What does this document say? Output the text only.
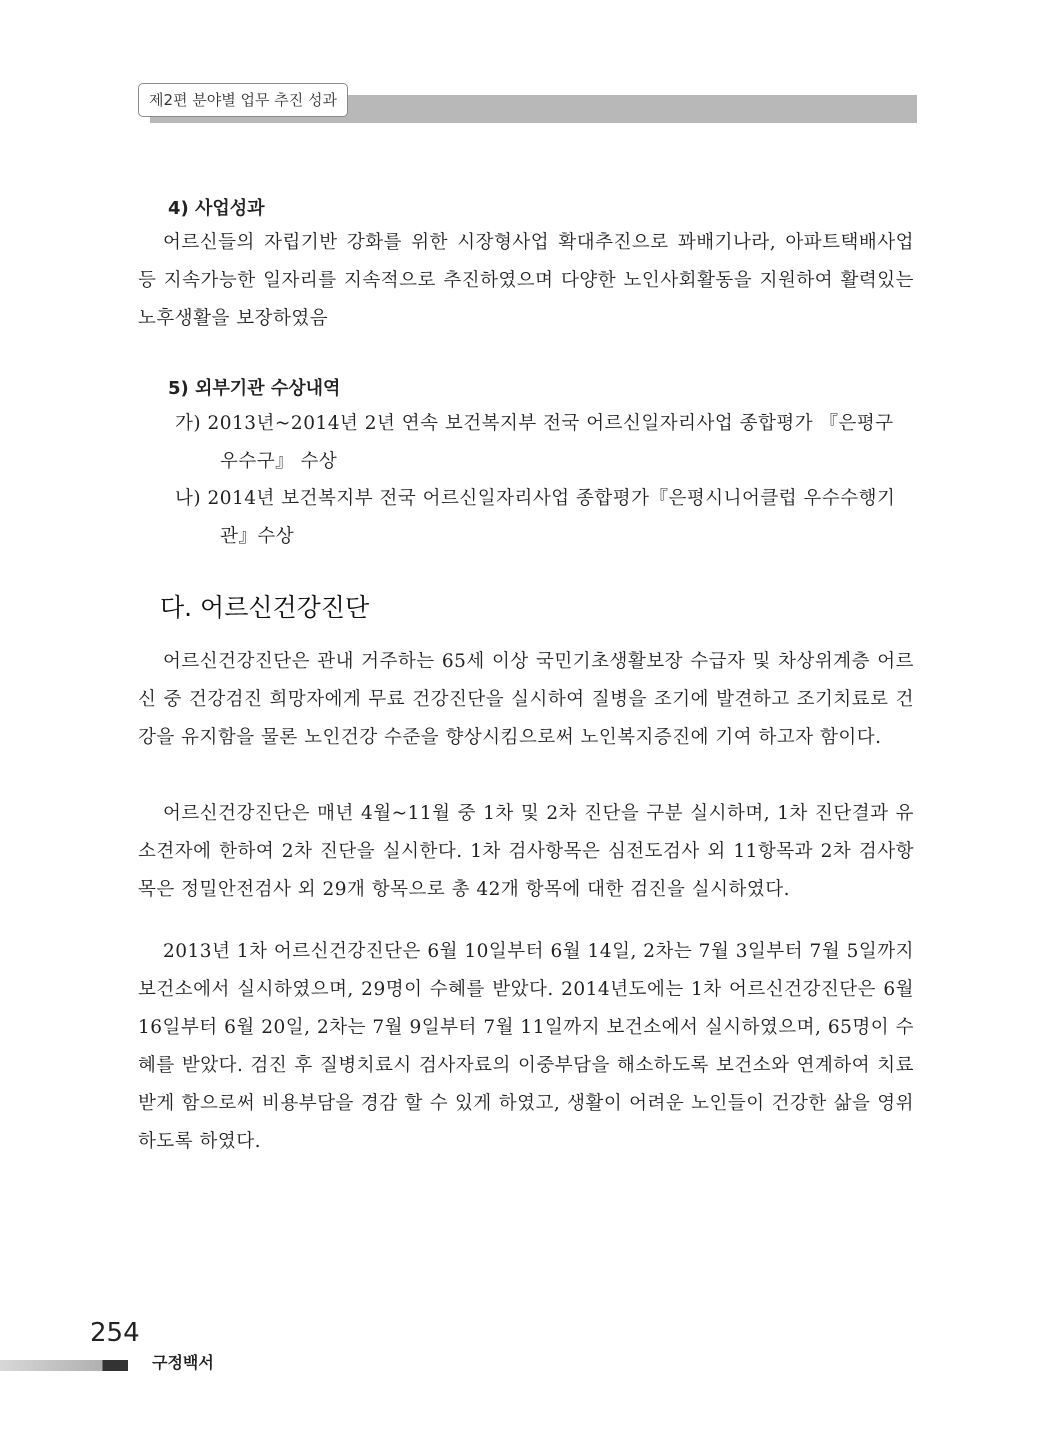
제2편 분야별 업무 추진 성과
4) 사업성과

어르신들의 자립기반 강화를 위한 시장형사업 확대추진으로 꽈배기나라, 아파트택배사업 등 지속가능한 일자리를 지속적으로 추진하였으며 다양한 노인사회활동을 지원하여 활력있는 노후생활을 보장하였음

5) 외부기관 수상내역

가) 2013년~2014년 2년 연속 보건복지부 전국 어르신일자리사업 종합평가 『은평구 우수구』 수상

나) 2014년 보건복지부 전국 어르신일자리사업 종합평가『은평시니어클럽 우수수행기관』수상

다. 어르신건강진단

어르신건강진단은 관내 거주하는 65세 이상 국민기초생활보장 수급자 및 차상위계층 어르신 중 건강검진 희망자에게 무료 건강진단을 실시하여 질병을 조기에 발견하고 조기치료로 건강을 유지함을 물론 노인건강 수준을 향상시킴으로써 노인복지증진에 기여 하고자 함이다.

어르신건강진단은 매년 4월~11월 중 1차 및 2차 진단을 구분 실시하며, 1차 진단결과 유소견자에 한하여 2차 진단을 실시한다. 1차 검사항목은 심전도검사 외 11항목과 2차 검사항목은 정밀안전검사 외 29개 항목으로 총 42개 항목에 대한 검진을 실시하였다.

2013년 1차 어르신건강진단은 6월 10일부터 6월 14일, 2차는 7월 3일부터 7월 5일까지 보건소에서 실시하였으며, 29명이 수혜를 받았다. 2014년도에는 1차 어르신건강진단은 6월 16일부터 6월 20일, 2차는 7월 9일부터 7월 11일까지 보건소에서 실시하였으며, 65명이 수혜를 받았다. 검진 후 질병치료시 검사자료의 이중부담을 해소하도록 보건소와 연계하여 치료받게 함으로써 비용부담을 경감 할 수 있게 하였고, 생활이 어려운 노인들이 건강한 삶을 영위하도록 하였다.

254
구정백서
